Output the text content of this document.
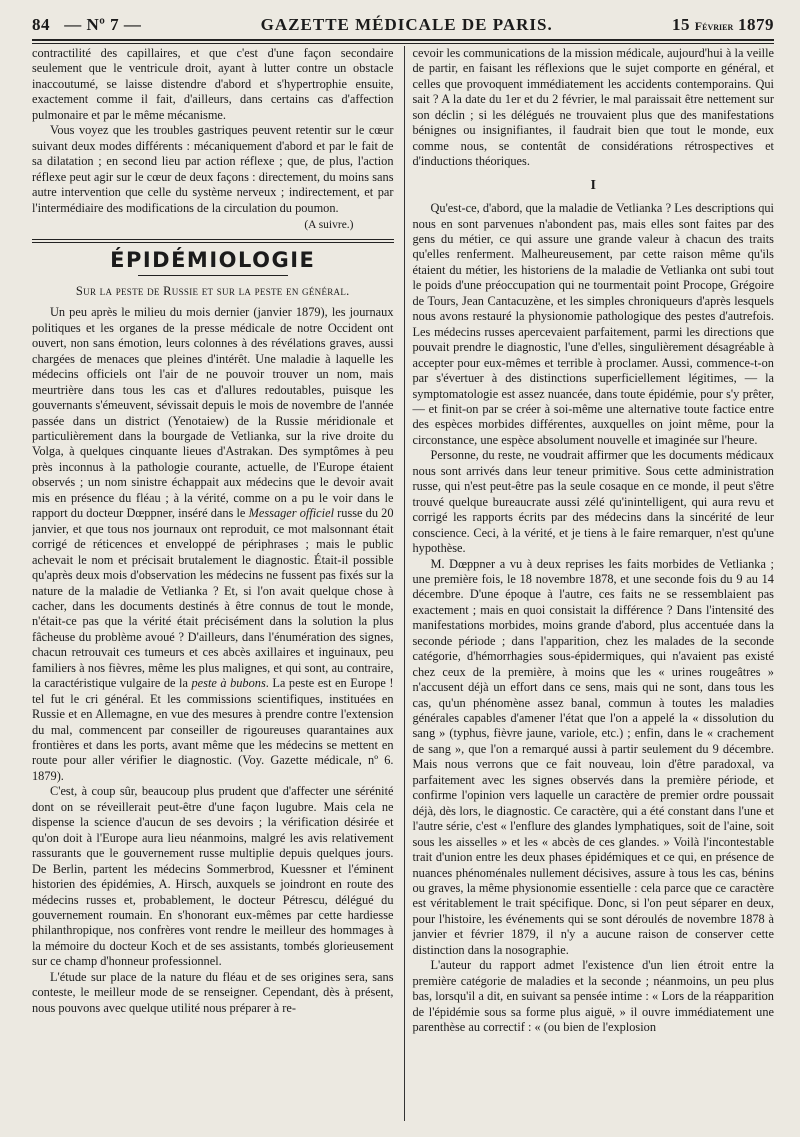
84 — Nº 7 —	GAZETTE MÉDICALE DE PARIS.	15 Février 1879

contractilité des capillaires, et que c'est d'une façon secondaire seulement que le ventricule droit, ayant à lutter contre un obstacle inaccoutumé, se laisse distendre d'abord et s'hypertrophie ensuite, exactement comme il fait, d'ailleurs, dans certains cas d'affection pulmonaire et par le même mécanisme.

Vous voyez que les troubles gastriques peuvent retentir sur le cœur suivant deux modes différents : mécaniquement d'abord et par le fait de sa dilatation ; en second lieu par action réflexe ; que, de plus, l'action réflexe peut agir sur le cœur de deux façons : directement, du moins sans autre intervention que celle du système nerveux ; indirectement, et par l'intermédiaire des modifications de la circulation du poumon.

(A suivre.)
ÉPIDÉMIOLOGIE
Sur la peste de Russie et sur la peste en général.

Un peu après le milieu du mois dernier (janvier 1879), les journaux politiques et les organes de la presse médicale de notre Occident ont ouvert, non sans émotion, leurs colonnes à des révélations graves, aussi chargées de menaces que pleines d'intérêt. Une maladie à laquelle les médecins officiels ont l'air de ne pouvoir trouver un nom, mais meurtrière dans tous les cas et d'allures redoutables, puisque les gouvernants s'émeuvent, sévissait depuis le mois de novembre de l'année passée dans un district (Yenotaiew) de la Russie méridionale et particulièrement dans la bourgade de Vetlianka, sur la rive droite du Volga, à quelques cinquante lieues d'Astrakan. Des symptômes à peu près inconnus à la pathologie courante, actuelle, de l'Europe étaient observés ; un nom sinistre échappait aux médecins que le devoir avait mis en présence du fléau ; à la vérité, comme on a pu le voir dans le rapport du docteur Dœppner, inséré dans le Messager officiel russe du 20 janvier, et que tous nos journaux ont reproduit, ce mot malsonnant était corrigé de réticences et enveloppé de périphrases ; mais le public achevait le nom et précisait brutalement le diagnostic. Était-il possible qu'après deux mois d'observation les médecins ne fussent pas fixés sur la nature de la maladie de Vetlianka ? Et, si l'on avait quelque chose à cacher, dans les documents destinés à être connus de tout le monde, n'était-ce pas que la vérité était précisément dans la solution la plus fâcheuse du problème avoué ? D'ailleurs, dans l'énumération des signes, chacun retrouvait ces tumeurs et ces abcès axillaires et inguinaux, peu familiers à nos fièvres, même les plus malignes, et qui sont, au contraire, la caractéristique vulgaire de la peste à bubons. La peste est en Europe ! tel fut le cri général. Et les commissions scientifiques, instituées en Russie et en Allemagne, en vue des mesures à prendre contre l'extension du mal, commencent par conseiller de rigoureuses quarantaines aux frontières et dans les ports, avant même que les médecins se mettent en route pour aller vérifier le diagnostic. (Voy. Gazette médicale, nº 6. 1879).

C'est, à coup sûr, beaucoup plus prudent que d'affecter une sérénité dont on se réveillerait peut-être d'une façon lugubre. Mais cela ne dispense la science d'aucun de ses devoirs ; la vérification désirée et qu'on doit à l'Europe aura lieu néanmoins, malgré les avis relativement rassurants que le gouvernement russe multiplie depuis quelques jours. De Berlin, partent les médecins Sommerbrod, Kuessner et l'éminent historien des épidémies, A. Hirsch, auxquels se joindront en route des médecins russes et, probablement, le docteur Pétrescu, délégué du gouvernement roumain. En s'honorant eux-mêmes par cette hardiesse philanthropique, nos confrères vont rendre le meilleur des hommages à la mémoire du docteur Koch et de ses assistants, tombés glorieusement sur ce champ d'honneur professionnel.

L'étude sur place de la nature du fléau et de ses origines sera, sans conteste, le meilleur mode de se renseigner. Cependant, dès à présent, nous pouvons avec quelque utilité nous préparer à re-

cevoir les communications de la mission médicale, aujourd'hui à la veille de partir, en faisant les réflexions que le sujet comporte en général, et celles que provoquent immédiatement les accidents contemporains. Qui sait ? A la date du 1er et du 2 février, le mal paraissait être nettement sur son déclin ; si les délégués ne trouvaient plus que des manifestations bénignes ou insignifiantes, il faudrait bien que tout le monde, eux comme nous, se contentât de considérations rétrospectives et d'inductions théoriques.

I

Qu'est-ce, d'abord, que la maladie de Vetlianka ? Les descriptions qui nous en sont parvenues n'abondent pas, mais elles sont faites par des gens du métier, ce qui assure une grande valeur à chacun des traits qu'elles renferment. Malheureusement, par cette raison même qu'ils étaient du métier, les historiens de la maladie de Vetlianka ont subi tout le poids d'une préoccupation qui ne tourmentait point Procope, Grégoire de Tours, Jean Cantacuzène, et les simples chroniqueurs d'après lesquels nous avons restauré la physionomie pathologique des pestes d'autrefois. Les médecins russes apercevaient parfaitement, parmi les directions que pouvait prendre le diagnostic, l'une d'elles, singulièrement désagréable à accepter pour eux-mêmes et terrible à proclamer. Aussi, commence-t-on par s'évertuer à des distinctions superficiellement légitimes, — la symptomatologie est assez nuancée, dans toute épidémie, pour s'y prêter, — et finit-on par se créer à soi-même une alternative toute factice entre des espèces morbides différentes, auxquelles on joint même, pour la circonstance, une espèce absolument nouvelle et imaginée sur l'heure.

Personne, du reste, ne voudrait affirmer que les documents médicaux nous sont arrivés dans leur teneur primitive. Sous cette administration russe, qui n'est peut-être pas la seule cosaque en ce monde, il peut s'être trouvé quelque bureaucrate aussi zélé qu'inintelligent, qui aura revu et corrigé les rapports écrits par des médecins dans la sincérité de leur conscience. Ceci, à la vérité, et je tiens à le faire remarquer, n'est qu'une hypothèse.

M. Dœppner a vu à deux reprises les faits morbides de Vetlianka ; une première fois, le 18 novembre 1878, et une seconde fois du 9 au 14 décembre. D'une époque à l'autre, ces faits ne se ressemblaient pas exactement ; mais en quoi consistait la différence ? Dans l'intensité des manifestations morbides, moins grande d'abord, plus accentuée dans la seconde période ; dans l'apparition, chez les malades de la seconde catégorie, d'hémorrhagies sous-épidermiques, qui n'avaient pas existé chez ceux de la première, à moins que les « urines rougeâtres » n'accusent déjà un effort dans ce sens, mais qui ne sont, dans tous les cas, qu'un phénomène assez banal, commun à toutes les maladies générales capables d'amener l'état que l'on a appelé la « dissolution du sang » (typhus, fièvre jaune, variole, etc.) ; enfin, dans le « crachement de sang », que l'on a remarqué aussi à partir seulement du 9 décembre. Mais nous verrons que ce fait nouveau, loin d'être paradoxal, va parfaitement avec les signes observés dans la première période, et confirme l'opinion vers laquelle un caractère de premier ordre poussait déjà, dès lors, le diagnostic. Ce caractère, qui a été constant dans l'une et l'autre série, c'est « l'enflure des glandes lymphatiques, soit de l'aine, soit sous les aisselles » et les « abcès de ces glandes. » Voilà l'incontestable trait d'union entre les deux phases épidémiques et ce qui, en présence de nuances phénoménales nullement décisives, assure à tous les cas, bénins ou graves, la même physionomie essentielle : cela parce que ce caractère est véritablement le trait spécifique. Donc, si l'on peut séparer en deux, pour l'histoire, les événements qui se sont déroulés de novembre 1878 à janvier et février 1879, il n'y a aucune raison de conserver cette distinction dans la nosographie.

L'auteur du rapport admet l'existence d'un lien étroit entre la première catégorie de maladies et la seconde ; néanmoins, un peu plus bas, lorsqu'il a dit, en suivant sa pensée intime : « Lors de la réapparition de l'épidémie sous sa forme plus aiguë, » il ouvre immédiatement une parenthèse au correctif : « (ou bien de l'explosion
